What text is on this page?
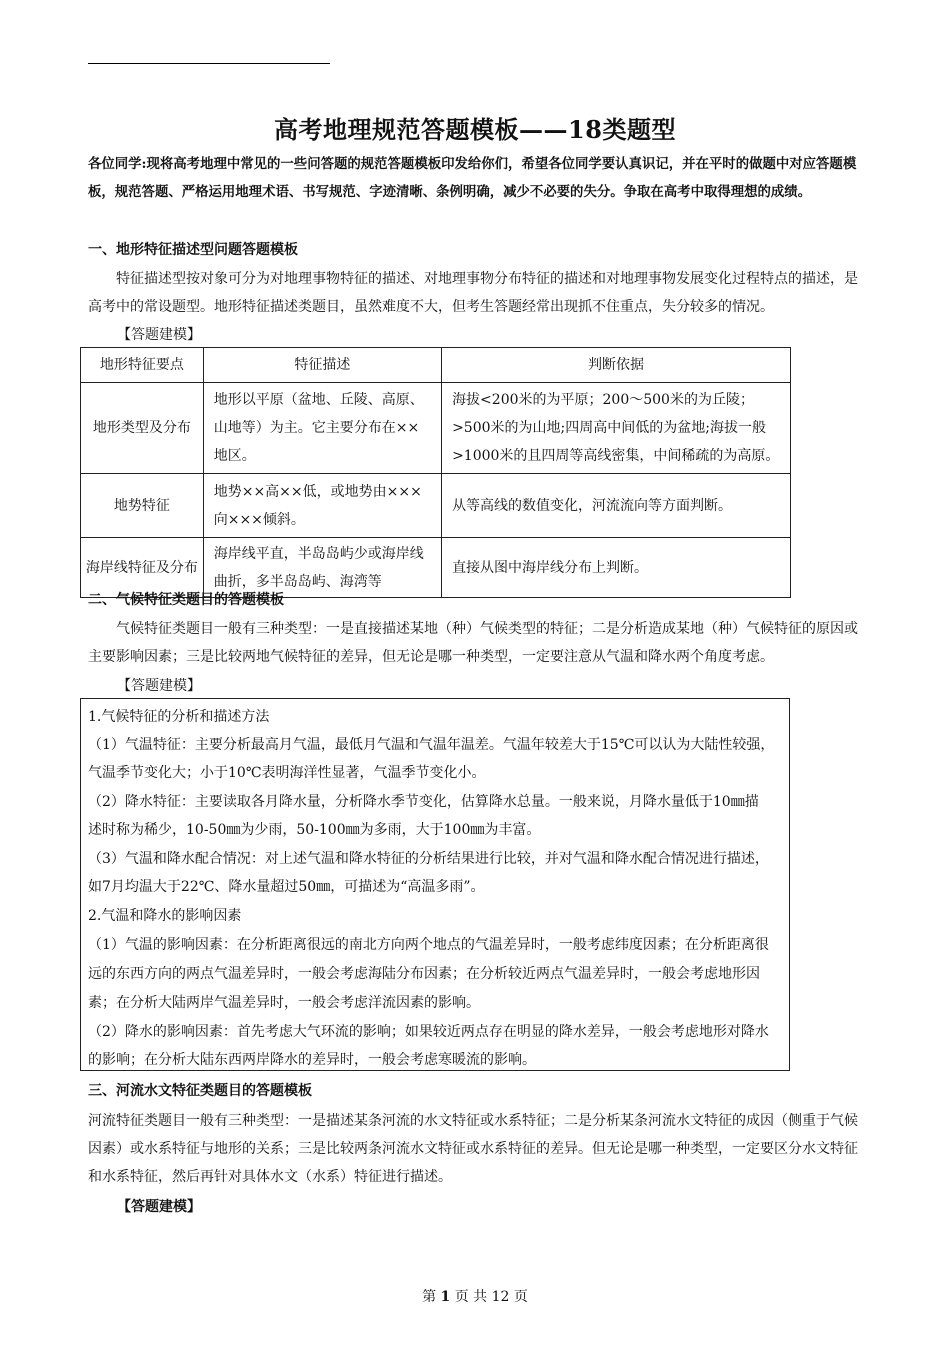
高考地理规范答题模板——18类题型
各位同学:现将高考地理中常见的一些问答题的规范答题模板印发给你们，希望各位同学要认真识记，并在平时的做题中对应答题模板，规范答题、严格运用地理术语、书写规范、字迹清晰、条例明确，减少不必要的失分。争取在高考中取得理想的成绩。
一、地形特征描述型问题答题模板
特征描述型按对象可分为对地理事物特征的描述、对地理事物分布特征的描述和对地理事物发展变化过程特点的描述，是高考中的常设题型。地形特征描述类题目，虽然难度不大，但考生答题经常出现抓不住重点，失分较多的情况。
【答题建模】
地形特征要点	特征描述	判断依据
地形类型及分布	地形以平原（盆地、丘陵、高原、山地等）为主。它主要分布在××地区。	海拔<200米的为平原；200～500米的为丘陵；>500米的为山地;四周高中间低的为盆地;海拔一般>1000米的且四周等高线密集，中间稀疏的为高原。
地势特征	地势××高××低，或地势由×××向×××倾斜。	从等高线的数值变化，河流流向等方面判断。
海岸线特征及分布	海岸线平直，半岛岛屿少或海岸线曲折，多半岛岛屿、海湾等	直接从图中海岸线分布上判断。
二、气候特征类题目的答题模板
气候特征类题目一般有三种类型：一是直接描述某地（种）气候类型的特征；二是分析造成某地（种）气候特征的原因或主要影响因素；三是比较两地气候特征的差异，但无论是哪一种类型，一定要注意从气温和降水两个角度考虑。
【答题建模】
1.气候特征的分析和描述方法
（1）气温特征：主要分析最高月气温，最低月气温和气温年温差。气温年较差大于15℃可以认为大陆性较强，
气温季节变化大；小于10℃表明海洋性显著，气温季节变化小。
（2）降水特征：主要读取各月降水量，分析降水季节变化，估算降水总量。一般来说，月降水量低于10㎜描
述时称为稀少，10-50㎜为少雨，50-100㎜为多雨，大于100㎜为丰富。
（3）气温和降水配合情况：对上述气温和降水特征的分析结果进行比较，并对气温和降水配合情况进行描述，
如7月均温大于22℃、降水量超过50㎜，可描述为“高温多雨”。
2.气温和降水的影响因素
（1）气温的影响因素：在分析距离很远的南北方向两个地点的气温差异时，一般考虑纬度因素；在分析距离很
远的东西方向的两点气温差异时，一般会考虑海陆分布因素；在分析较近两点气温差异时，一般会考虑地形因
素；在分析大陆两岸气温差异时，一般会考虑洋流因素的影响。
（2）降水的影响因素：首先考虑大气环流的影响；如果较近两点存在明显的降水差异，一般会考虑地形对降水
的影响；在分析大陆东西两岸降水的差异时，一般会考虑寒暖流的影响。
三、河流水文特征类题目的答题模板
河流特征类题目一般有三种类型：一是描述某条河流的水文特征或水系特征；二是分析某条河流水文特征的成因（侧重于气候因素）或水系特征与地形的关系；三是比较两条河流水文特征或水系特征的差异。但无论是哪一种类型，一定要区分水文特征和水系特征，然后再针对具体水文（水系）特征进行描述。
【答题建模】
第 1 页 共 12 页
